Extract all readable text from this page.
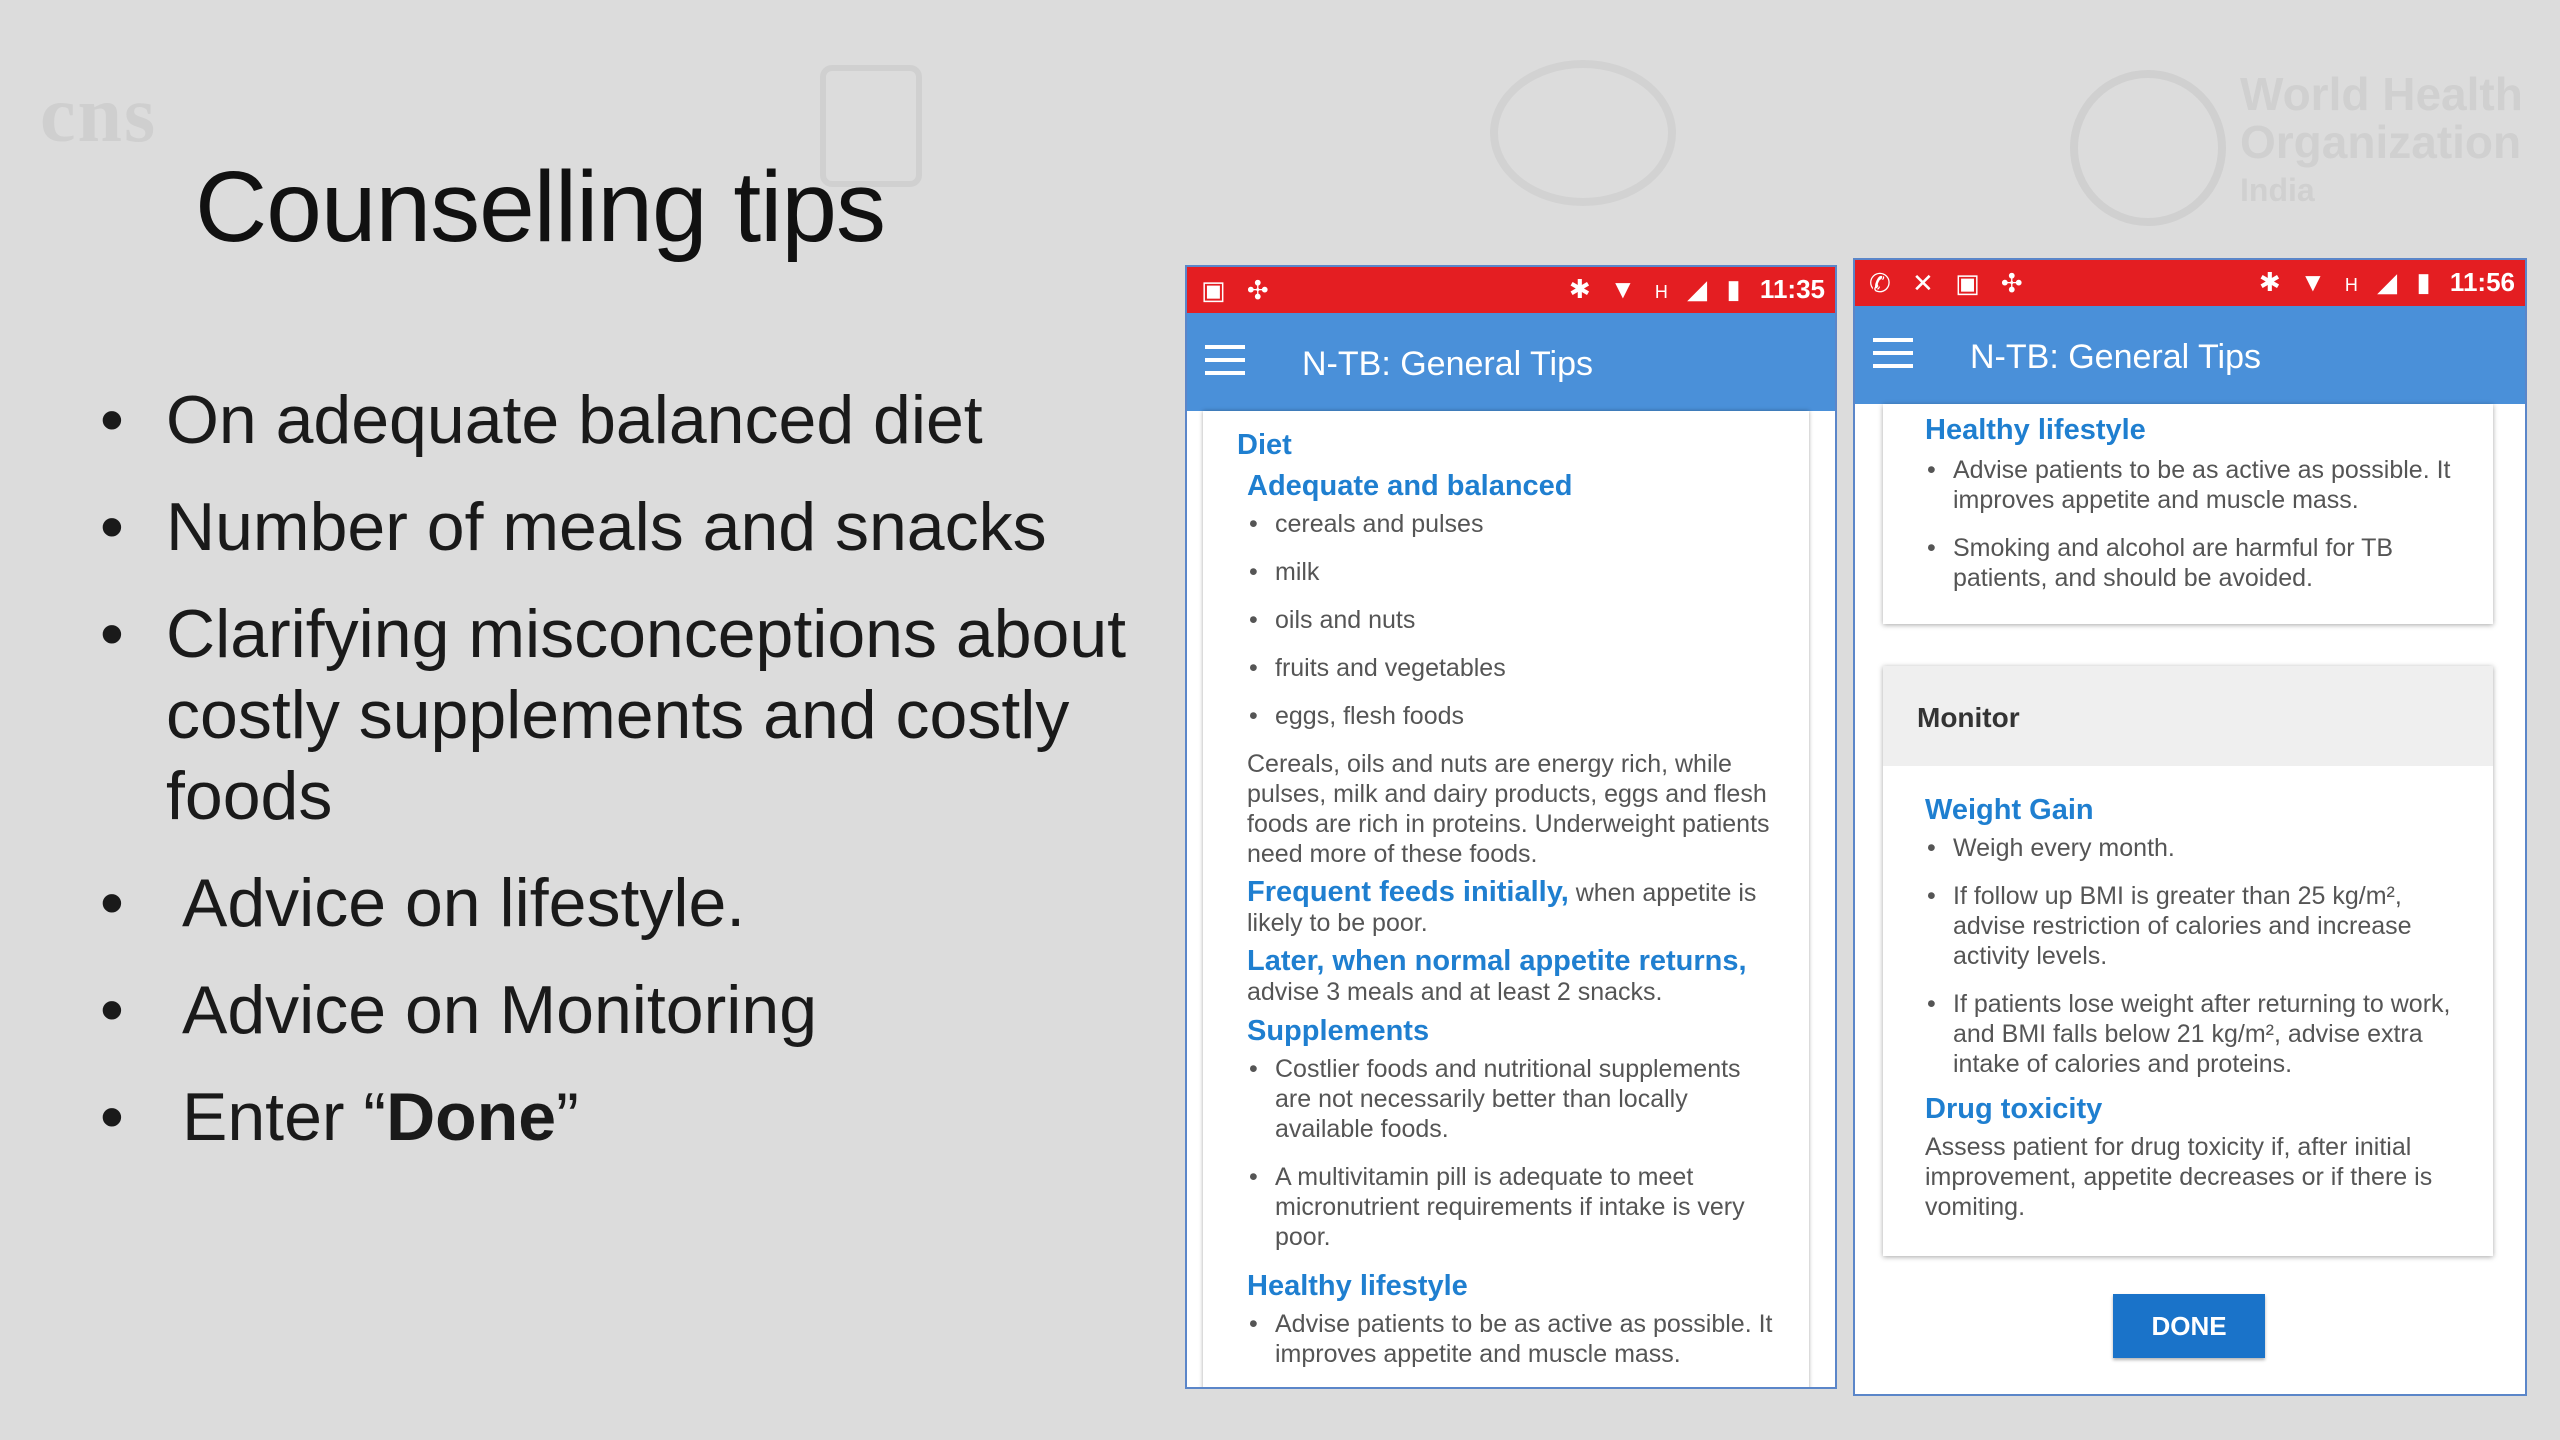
cns	World Health
Organization
India
Counselling tips
• On adequate balanced diet
• Number of meals and snacks
• Clarifying misconceptions about costly supplements and costly foods
• Advice on lifestyle.
• Advice on Monitoring
• Enter “Done”
▣ ✣	✱ ▼ H ◢ ▮ 11:35
N-TB: General Tips
Diet
Adequate and balanced
• cereals and pulses
• milk
• oils and nuts
• fruits and vegetables
• eggs, flesh foods
Cereals, oils and nuts are energy rich, while pulses, milk and dairy products, eggs and flesh foods are rich in proteins. Underweight patients need more of these foods.
Frequent feeds initially, when appetite is likely to be poor.
Later, when normal appetite returns, advise 3 meals and at least 2 snacks.
Supplements
• Costlier foods and nutritional supplements are not necessarily better than locally available foods.
• A multivitamin pill is adequate to meet micronutrient requirements if intake is very poor.
Healthy lifestyle
• Advise patients to be as active as possible. It improves appetite and muscle mass.
✆ ✕ ▣ ✣	✱ ▼ H ◢ ▮ 11:56
N-TB: General Tips
Healthy lifestyle
• Advise patients to be as active as possible. It improves appetite and muscle mass.
• Smoking and alcohol are harmful for TB patients, and should be avoided.
Monitor
Weight Gain
• Weigh every month.
• If follow up BMI is greater than 25 kg/m², advise restriction of calories and increase activity levels.
• If patients lose weight after returning to work, and BMI falls below 21 kg/m², advise extra intake of calories and proteins.
Drug toxicity
Assess patient for drug toxicity if, after initial improvement, appetite decreases or if there is vomiting.
DONE
